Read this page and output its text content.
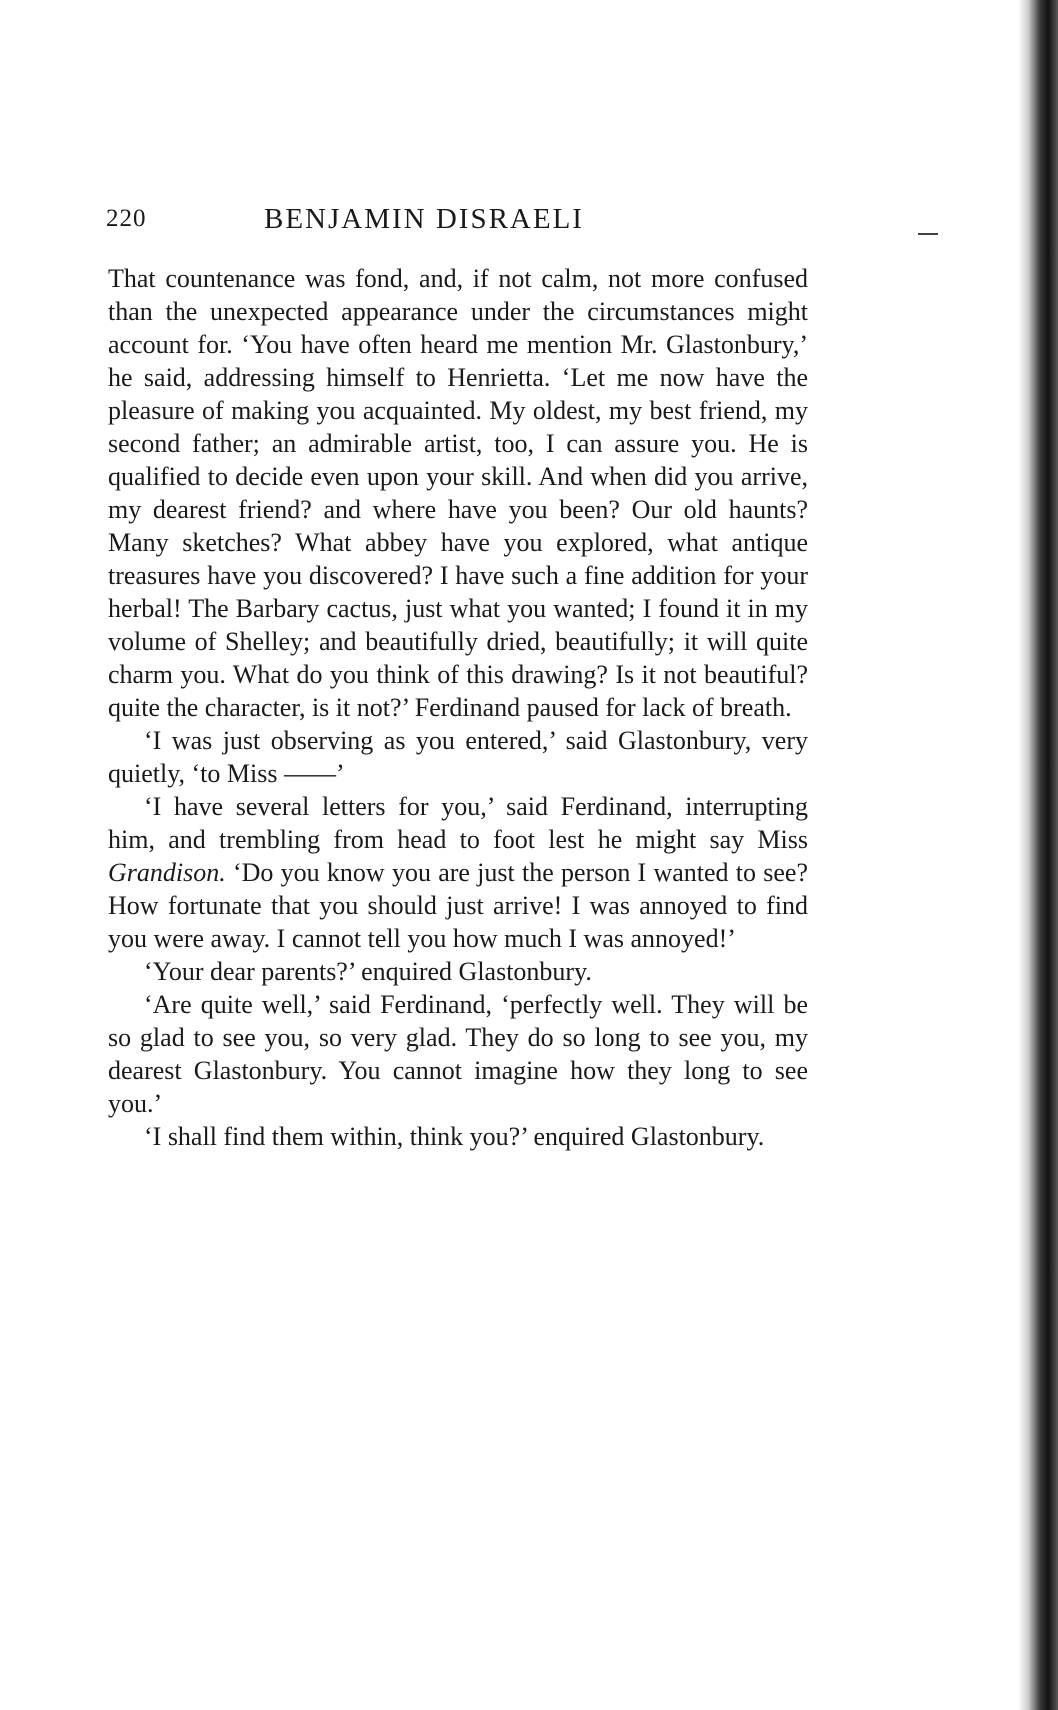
220	BENJAMIN DISRAELI

That countenance was fond, and, if not calm, not more confused than the unexpected appearance under the circumstances might account for. ‘You have often heard me mention Mr. Glastonbury,’ he said, addressing himself to Henrietta. ‘Let me now have the pleasure of making you acquainted. My oldest, my best friend, my second father; an admirable artist, too, I can assure you. He is qualified to decide even upon your skill. And when did you arrive, my dearest friend? and where have you been? Our old haunts? Many sketches? What abbey have you explored, what antique treasures have you discovered? I have such a fine addition for your herbal! The Barbary cactus, just what you wanted; I found it in my volume of Shelley; and beautifully dried, beautifully; it will quite charm you. What do you think of this drawing? Is it not beautiful? quite the character, is it not?’ Ferdinand paused for lack of breath.

‘I was just observing as you entered,’ said Glastonbury, very quietly, ‘to Miss ——’

‘I have several letters for you,’ said Ferdinand, interrupting him, and trembling from head to foot lest he might say Miss Grandison. ‘Do you know you are just the person I wanted to see? How fortunate that you should just arrive! I was annoyed to find you were away. I cannot tell you how much I was annoyed!’

‘Your dear parents?’ enquired Glastonbury.

‘Are quite well,’ said Ferdinand, ‘perfectly well. They will be so glad to see you, so very glad. They do so long to see you, my dearest Glastonbury. You cannot imagine how they long to see you.’

‘I shall find them within, think you?’ enquired Glastonbury.
